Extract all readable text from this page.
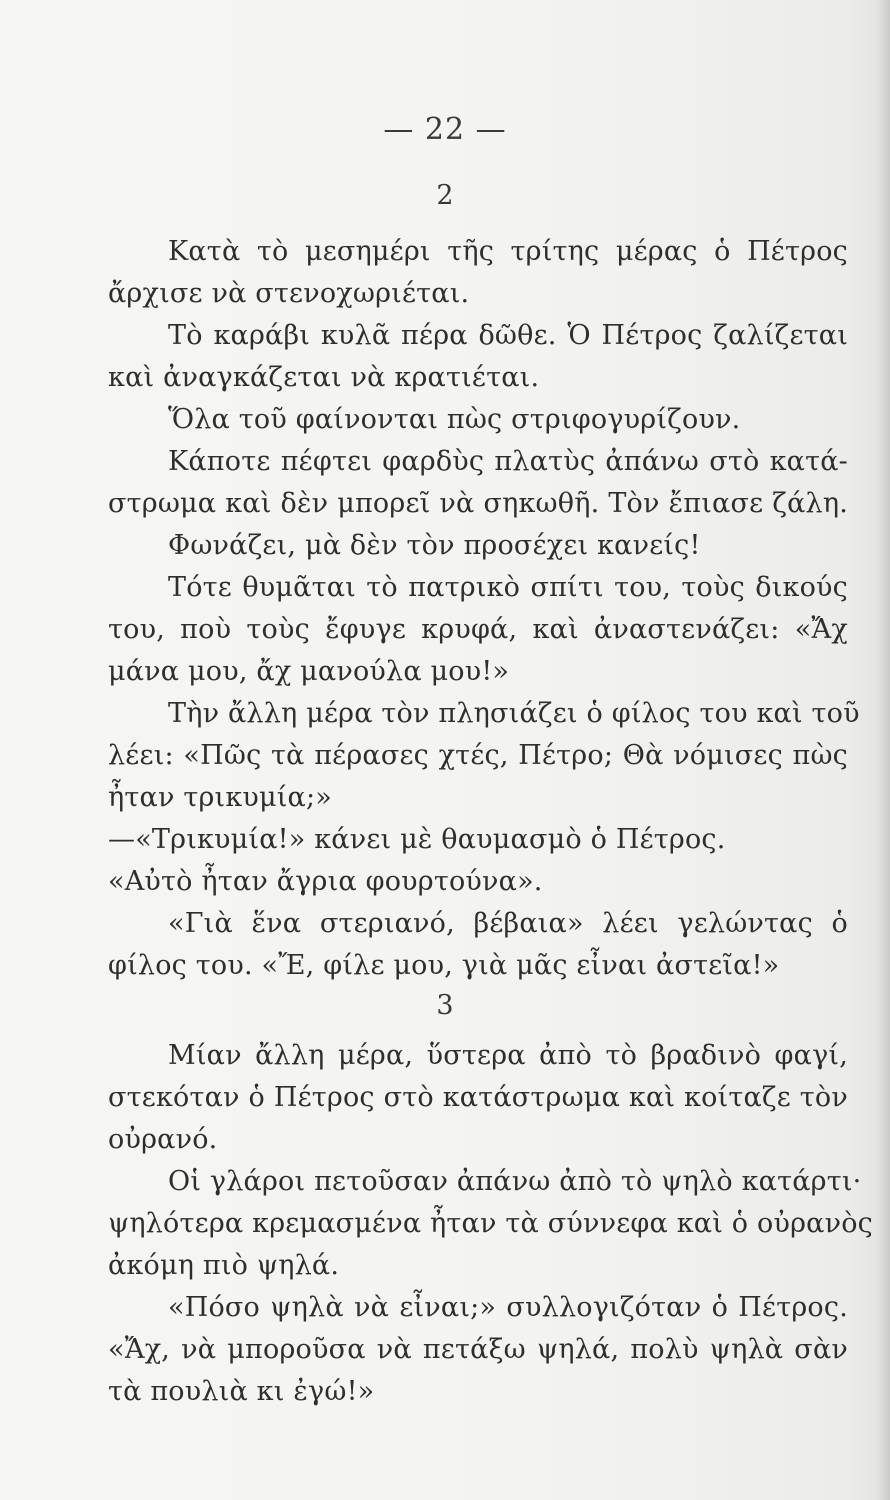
— 22 —
2
Κατὰ τὸ μεσημέρι τῆς τρίτης μέρας ὁ Πέτρος
ἄρχισε νὰ στενοχωριέται.
Τὸ καράβι κυλᾶ πέρα δῶθε. Ὁ Πέτρος ζαλίζεται
καὶ ἀναγκάζεται νὰ κρατιέται.
Ὅλα τοῦ φαίνονται πὼς στριφογυρίζουν.
Κάποτε πέφτει φαρδὺς πλατὺς ἀπάνω στὸ κατά-
στρωμα καὶ δὲν μπορεῖ νὰ σηκωθῆ. Τὸν ἔπιασε ζάλη.
Φωνάζει, μὰ δὲν τὸν προσέχει κανείς!
Τότε θυμᾶται τὸ πατρικὸ σπίτι του, τοὺς δικούς
του, ποὺ τοὺς ἔφυγε κρυφά, καὶ ἀναστενάζει: «Ἄχ
μάνα μου, ἄχ μανούλα μου!»
Τὴν ἄλλη μέρα τὸν πλησιάζει ὁ φίλος του καὶ τοῦ
λέει: «Πῶς τὰ πέρασες χτές, Πέτρο; Θὰ νόμισες πὼς
ἦταν τρικυμία;»
—«Τρικυμία!» κάνει μὲ θαυμασμὸ ὁ Πέτρος.
«Αὐτὸ ἦταν ἄγρια φουρτούνα».
«Γιὰ ἕνα στεριανό, βέβαια» λέει γελώντας ὁ
φίλος του. «Ἔ, φίλε μου, γιὰ μᾶς εἶναι ἀστεῖα!»
3
Μίαν ἄλλη μέρα, ὕστερα ἀπὸ τὸ βραδινὸ φαγί,
στεκόταν ὁ Πέτρος στὸ κατάστρωμα καὶ κοίταζε τὸν
οὐρανό.
Οἱ γλάροι πετοῦσαν ἀπάνω ἀπὸ τὸ ψηλὸ κατάρτι·
ψηλότερα κρεμασμένα ἦταν τὰ σύννεφα καὶ ὁ οὐρανὸς
ἀκόμη πιὸ ψηλά.
«Πόσο ψηλὰ νὰ εἶναι;» συλλογιζόταν ὁ Πέτρος.
«Ἄχ, νὰ μποροῦσα νὰ πετάξω ψηλά, πολὺ ψηλὰ σὰν
τὰ πουλιὰ κι ἐγώ!»
